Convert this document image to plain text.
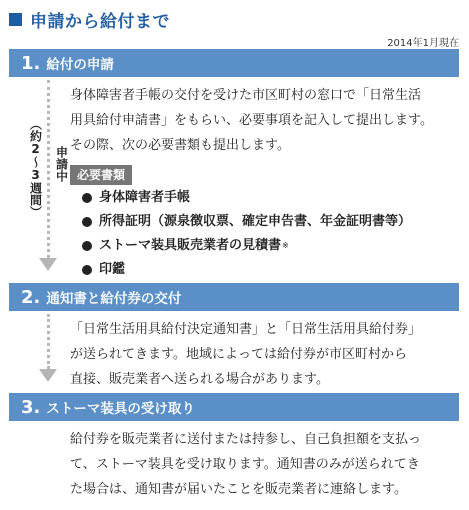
申請から給付まで
2014年1月現在
1. 給付の申請
（約2〜3週間） 申請中
身体障害者手帳の交付を受けた市区町村の窓口で「日常生活
用具給付申請書」をもらい、必要事項を記入して提出します。
その際、次の必要書類も提出します。
必要書類
身体障害者手帳
所得証明（源泉徴収票、確定申告書、年金証明書等）
ストーマ装具販売業者の見積書 ※
印鑑
2. 通知書と給付券の交付
「日常生活用具給付決定通知書」と「日常生活用具給付券」
が送られてきます。地域によっては給付券が市区町村から
直接、販売業者へ送られる場合があります。
3. ストーマ装具の受け取り
給付券を販売業者に送付または持参し、自己負担額を支払っ
て、ストーマ装具を受け取ります。通知書のみが送られてき
た場合は、通知書が届いたことを販売業者に連絡します。
